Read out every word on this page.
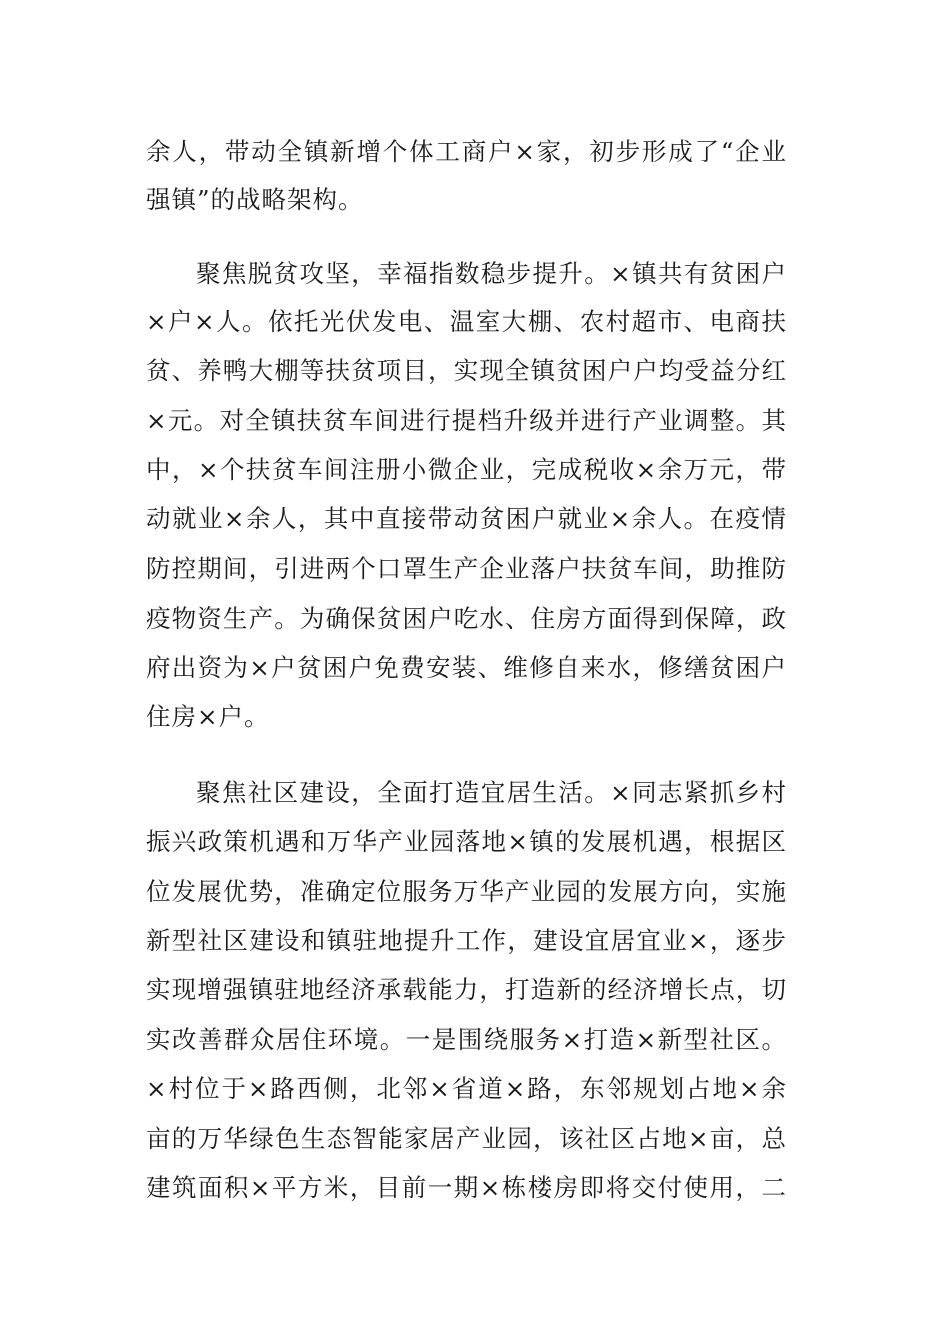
余人，带动全镇新增个体工商户×家，初步形成了“企业
强镇”的战略架构。
聚焦脱贫攻坚，幸福指数稳步提升。×镇共有贫困户
×户×人。依托光伏发电、温室大棚、农村超市、电商扶
贫、养鸭大棚等扶贫项目，实现全镇贫困户户均受益分红
×元。对全镇扶贫车间进行提档升级并进行产业调整。其
中，×个扶贫车间注册小微企业，完成税收×余万元，带
动就业×余人，其中直接带动贫困户就业×余人。在疫情
防控期间，引进两个口罩生产企业落户扶贫车间，助推防
疫物资生产。为确保贫困户吃水、住房方面得到保障，政
府出资为×户贫困户免费安装、维修自来水，修缮贫困户
住房×户。
聚焦社区建设，全面打造宜居生活。×同志紧抓乡村
振兴政策机遇和万华产业园落地×镇的发展机遇，根据区
位发展优势，准确定位服务万华产业园的发展方向，实施
新型社区建设和镇驻地提升工作，建设宜居宜业×，逐步
实现增强镇驻地经济承载能力，打造新的经济增长点，切
实改善群众居住环境。一是围绕服务×打造×新型社区。
×村位于×路西侧，北邻×省道×路，东邻规划占地×余
亩的万华绿色生态智能家居产业园，该社区占地×亩，总
建筑面积×平方米，目前一期×栋楼房即将交付使用，二
